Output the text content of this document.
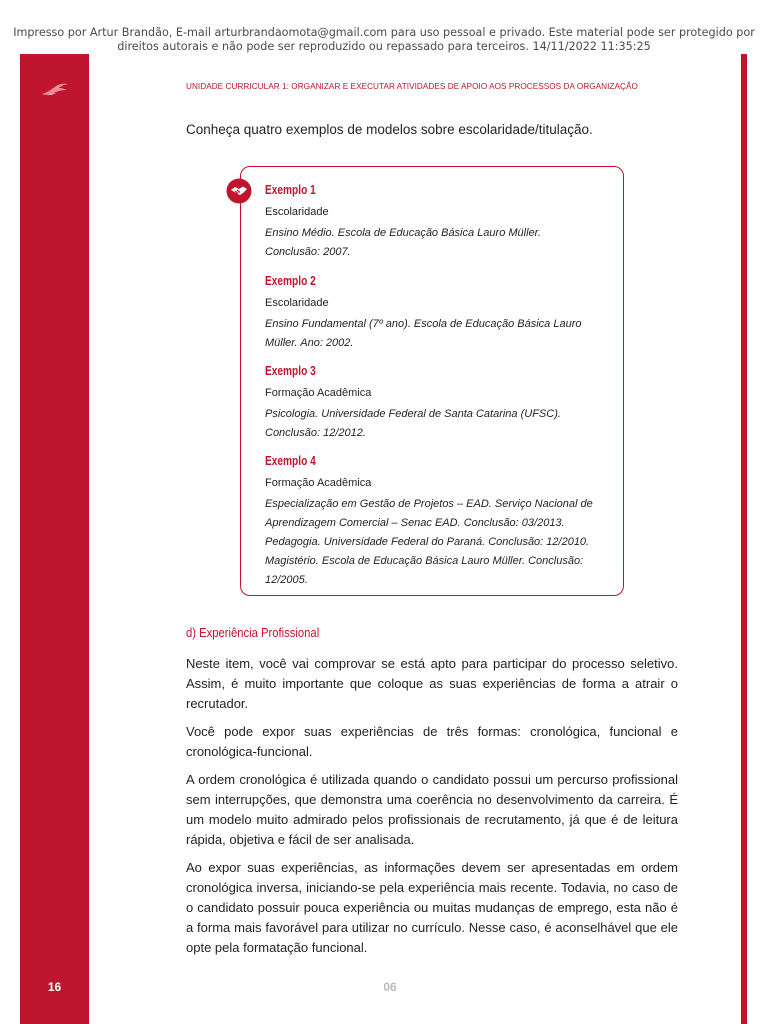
Impresso por Artur Brandão, E-mail arturbrandaomota@gmail.com para uso pessoal e privado. Este material pode ser protegido por
direitos autorais e não pode ser reproduzido ou repassado para terceiros. 14/11/2022 11:35:25
UNIDADE CURRICULAR 1: ORGANIZAR E EXECUTAR ATIVIDADES DE APOIO AOS PROCESSOS DA ORGANIZAÇÃO

Conheça quatro exemplos de modelos sobre escolaridade/titulação.

Exemplo 1
Escolaridade
Ensino Médio. Escola de Educação Básica Lauro Müller.
Conclusão: 2007.
Exemplo 2
Escolaridade
Ensino Fundamental (7º ano). Escola de Educação Básica Lauro
Müller. Ano: 2002.
Exemplo 3
Formação Acadêmica
Psicologia. Universidade Federal de Santa Catarina (UFSC).
Conclusão: 12/2012.
Exemplo 4
Formação Acadêmica
Especialização em Gestão de Projetos – EAD. Serviço Nacional de
Aprendizagem Comercial – Senac EAD. Conclusão: 03/2013.
Pedagogia. Universidade Federal do Paraná. Conclusão: 12/2010.
Magistério. Escola de Educação Básica Lauro Müller. Conclusão:
12/2005.
d) Experiência Profissional

Neste item, você vai comprovar se está apto para participar do processo seletivo. Assim, é muito importante que coloque as suas experiências de forma a atrair o recrutador.

Você pode expor suas experiências de três formas: cronológica, funcional e cronológica-funcional.

A ordem cronológica é utilizada quando o candidato possui um percurso profissional sem interrupções, que demonstra uma coerência no desenvolvimento da carreira. É um modelo muito admirado pelos profissionais de recrutamento, já que é de leitura rápida, objetiva e fácil de ser analisada.

Ao expor suas experiências, as informações devem ser apresentadas em ordem cronológica inversa, iniciando-se pela experiência mais recente. Todavia, no caso de o candidato possuir pouca experiência ou muitas mudanças de emprego, esta não é a forma mais favorável para utilizar no currículo. Nesse caso, é aconselhável que ele opte pela formatação funcional.

16	06
